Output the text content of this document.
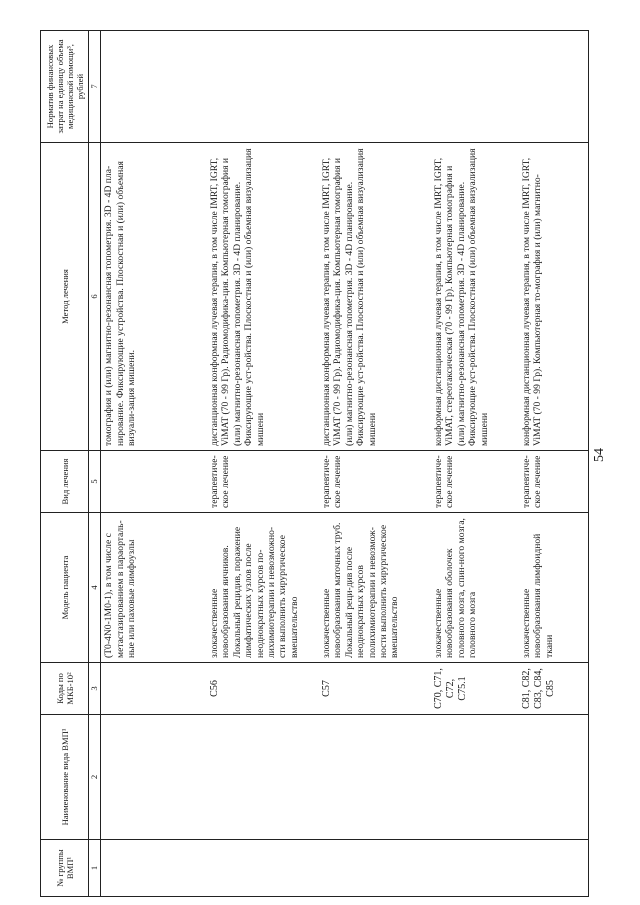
№ группы ВМП¹	Наименование вида ВМП¹	Коды по МКБ-10²	Модель пациента	Вид лечения	Метод лечения	Норматив финансовых затрат на единицу объема медицинской помощи³, рублей
1	2	3	4	5	6	7
			(T0-4N0-1M0-1), в том числе с метастазированием в параорталь-ные или паховые лимфоузлы		томография и (или) магнитно-резонансная топометрия. 3D - 4D пла-нирование. Фиксирующие устройства. Плоскостная и (или) объемная визуали-зация мишени.	
		C56	злокачественные новообразования яичников. Локальный рецидив, поражение лимфатических узлов после неоднократных курсов по-лихимиотерапии и невозможно-сти выполнить хирургическое вмешательство	терапевтиче-ское лечение	дистанционная конформная лучевая терапия, в том числе IMRT, IGRT, ViMAT (70 - 99 Гр). Радиомодифика-ция. Компьютерная томография и (или) магнитно-резонансная топометрия. 3D - 4D планирование. Фиксирующие уст-ройства. Плоскостная и (или) объемная визуализация мишени	
		C57	злокачественные новообразования маточных труб. Локальный реци-див после неоднократных курсов полихимиотерапии и невозмож-ности выполнить хирургическое вмешательство	терапевтиче-ское лечение	дистанционная конформная лучевая терапия, в том числе IMRT, IGRT, ViMAT (70 - 99 Гр). Радиомодифика-ция. Компьютерная томография и (или) магнитно-резонансная топометрия. 3D - 4D планирование. Фиксирующие уст-ройства. Плоскостная и (или) объемная визуализация мишени	
		C70, C71, C72, C75.1	злокачественные новообразования оболочек головного мозга, спин-ного мозга, головного мозга	терапевтиче-ское лечение	конформная дистанционная лучевая терапия, в том числе IMRT, IGRT, ViMAT, стереотаксическая (70 - 99 Гр). Компьютерная томография и (или) магнитно-резонансная топометрия. 3D - 4D планирование. Фиксирующие уст-ройства. Плоскостная и (или) объемная визуализация мишени	
		C81, C82, C83, C84, C85	злокачественные новообразования лимфоидной ткани	терапевтиче-ское лечение	конформная дистанционная лучевая терапия, в том числе IMRT, IGRT, ViMAT (70 - 99 Гр). Компьютерная то-мография и (или) магнитно-	
54
